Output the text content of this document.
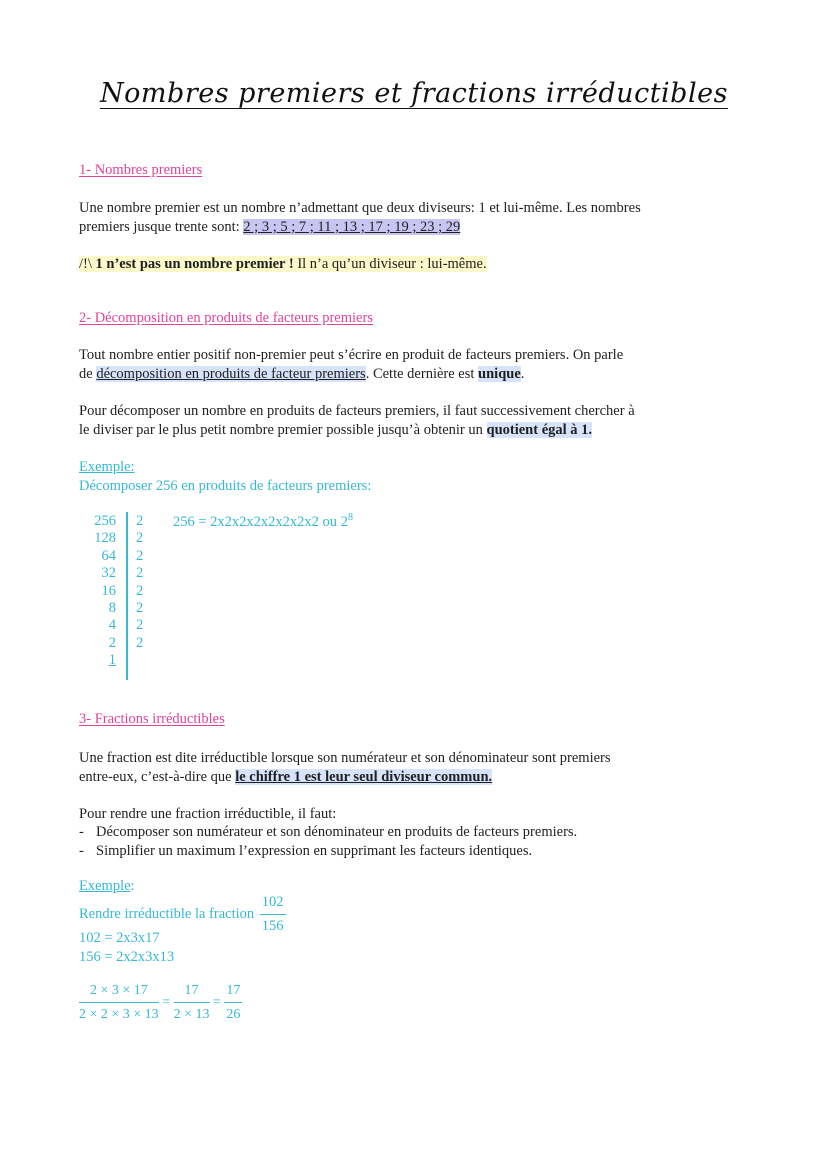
Nombres premiers et fractions irréductibles
1- Nombres premiers
Une nombre premier est un nombre n’admettant que deux diviseurs: 1 et lui-même. Les nombres
premiers jusque trente sont: 2 ; 3 ; 5 ; 7 ; 11 ; 13 ; 17 ; 19 ; 23 ; 29
/!\ 1 n’est pas un nombre premier ! Il n’a qu’un diviseur : lui-même.
2- Décomposition en produits de facteurs premiers
Tout nombre entier positif non-premier peut s’écrire en produit de facteurs premiers. On parle
de décomposition en produits de facteur premiers. Cette dernière est unique.
Pour décomposer un nombre en produits de facteurs premiers, il faut successivement chercher à
le diviser par le plus petit nombre premier possible jusqu’à obtenir un quotient égal à 1.
Exemple:
Décomposer 256 en produits de facteurs premiers:
256
128
64
32
16
8
4
2
1
2
2
2
2
2
2
2
2
256 = 2x2x2x2x2x2x2x2 ou $2^8$
3- Fractions irréductibles
Une fraction est dite irréductible lorsque son numérateur et son dénominateur sont premiers
entre-eux, c’est-à-dire que le chiffre 1 est leur seul diviseur commun.
Pour rendre une fraction irréductible, il faut:
- Décomposer son numérateur et son dénominateur en produits de facteurs premiers.
- Simplifier un maximum l’expression en supprimant les facteurs identiques.
Exemple:
Rendre irréductible la fraction $\frac{102}{156}$
102 = 2x3x17
156 = 2x2x3x13
$\frac{2 \times 3 \times 17}{2 \times 2 \times 3 \times 13} = \frac{17}{2 \times 13} = \frac{17}{26}$
